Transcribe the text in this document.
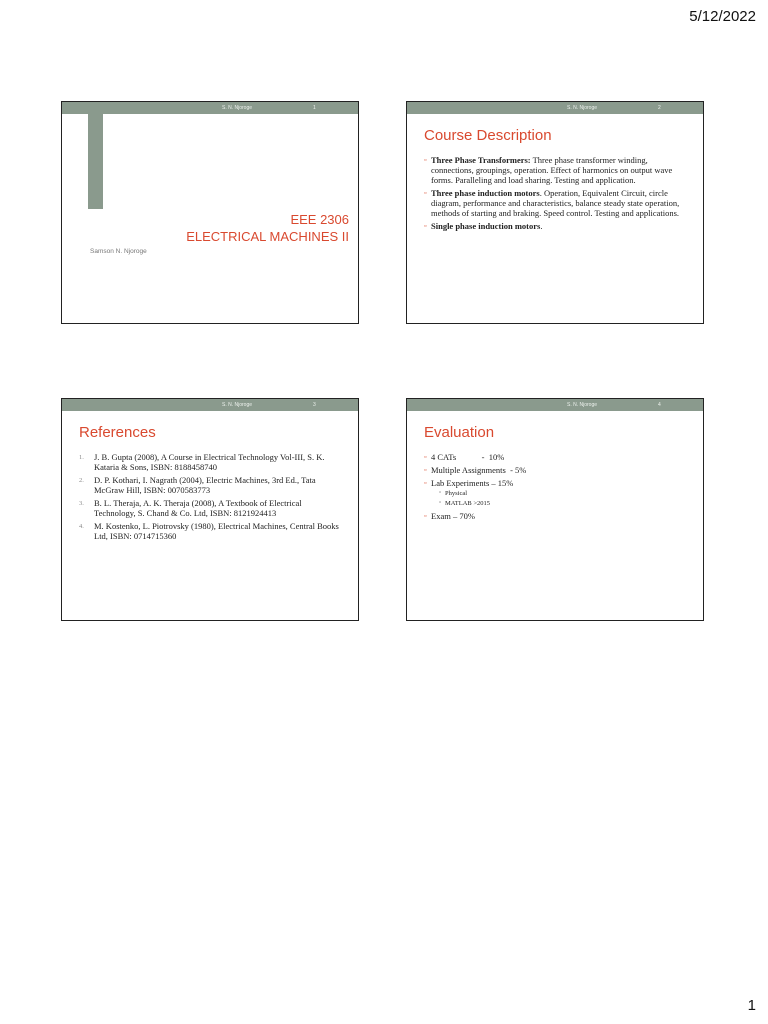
5/12/2022
S. N. Njoroge	1
EEE 2306
ELECTRICAL MACHINES II
Samson N. Njoroge
S. N. Njoroge	2
Course Description
▫ Three Phase Transformers: Three phase transformer winding, connections, groupings, operation. Effect of harmonics on output wave forms. Paralleling and load sharing. Testing and application.
▫ Three phase induction motors. Operation, Equivalent Circuit, circle diagram, performance and characteristics, balance steady state operation, methods of starting and braking. Speed control. Testing and applications.
▫ Single phase induction motors.
S. N. Njoroge	3
References
1. J. B. Gupta (2008), A Course in Electrical Technology Vol-III, S. K. Kataria & Sons, ISBN: 8188458740
2. D. P. Kothari, I. Nagrath (2004), Electric Machines, 3rd Ed., Tata McGraw Hill, ISBN: 0070583773
3. B. L. Theraja, A. K. Theraja (2008), A Textbook of Electrical Technology, S. Chand & Co. Ltd, ISBN: 8121924413
4. M. Kostenko, L. Piotrovsky (1980), Electrical Machines, Central Books Ltd, ISBN: 0714715360
S. N. Njoroge	4
Evaluation
▫ 4 CATs            -  10%
▫ Multiple Assignments  - 5%
▫ Lab Experiments – 15%
▫ Physical
▫ MATLAB >2015
▫ Exam – 70%
1
